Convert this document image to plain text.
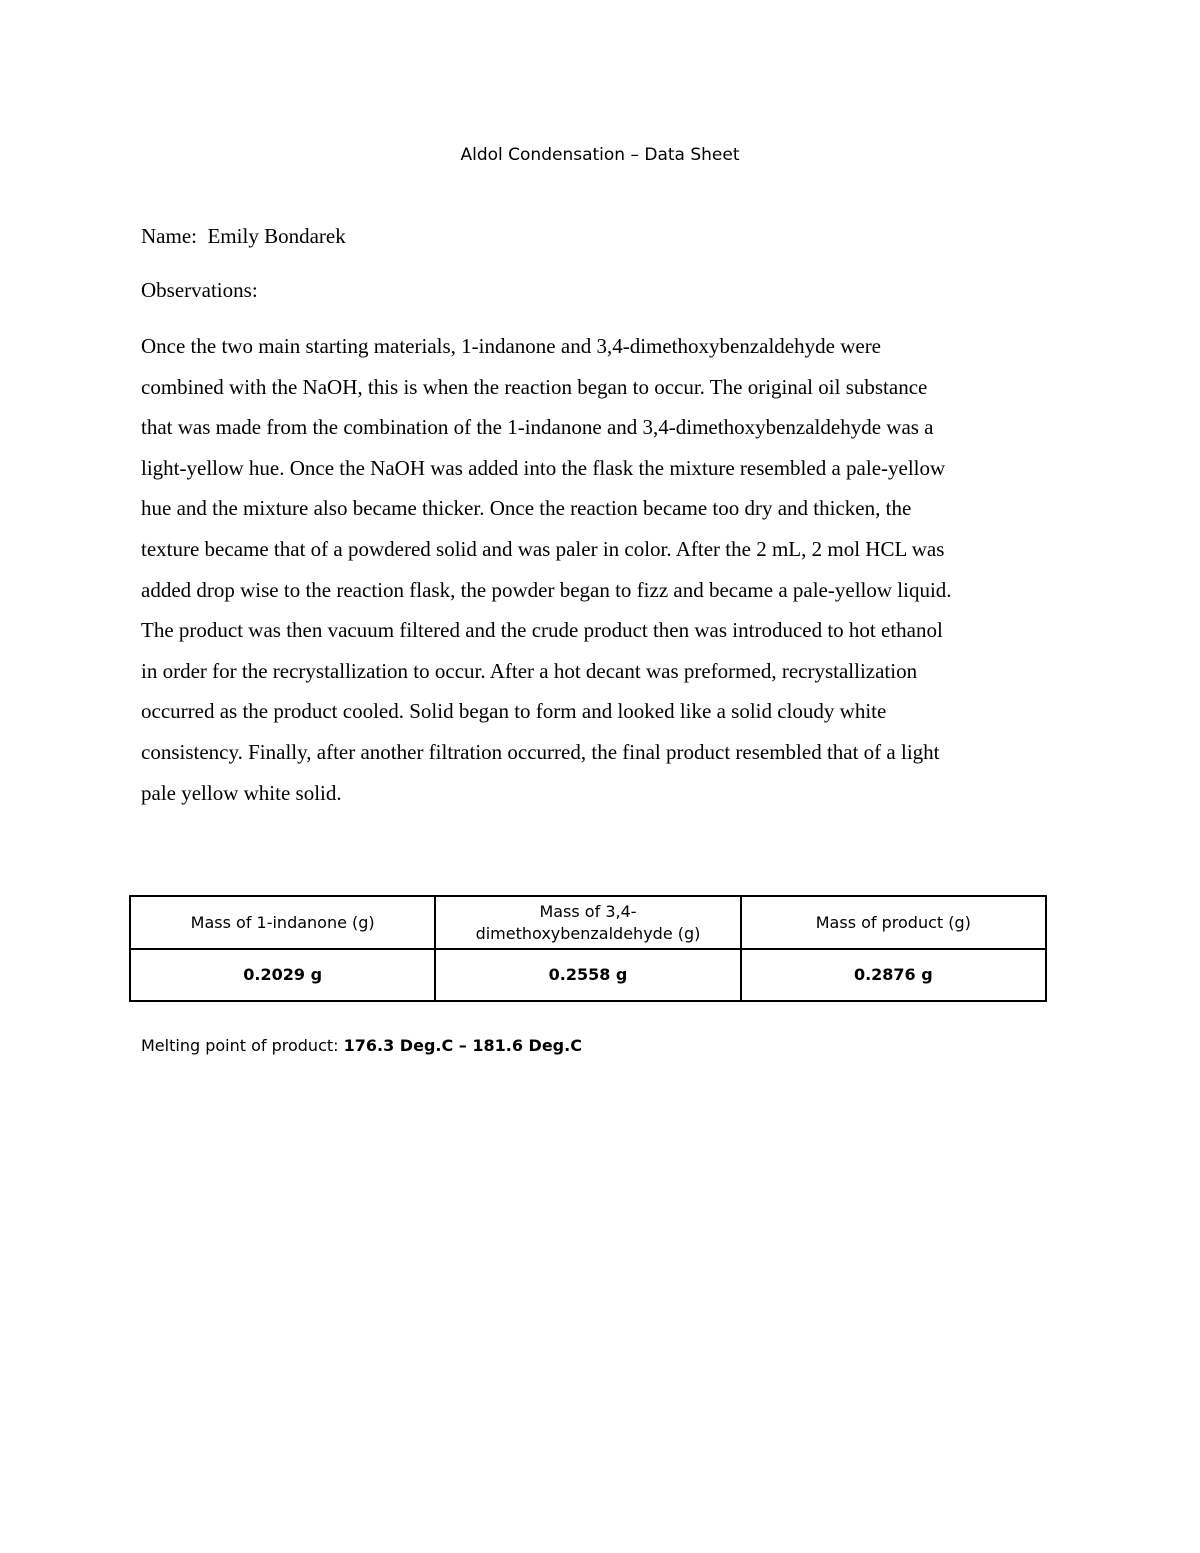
Aldol Condensation – Data Sheet
Name: Emily Bondarek
Observations:
Once the two main starting materials, 1-indanone and 3,4-dimethoxybenzaldehyde were
combined with the NaOH, this is when the reaction began to occur. The original oil substance
that was made from the combination of the 1-indanone and 3,4-dimethoxybenzaldehyde was a
light-yellow hue. Once the NaOH was added into the flask the mixture resembled a pale-yellow
hue and the mixture also became thicker. Once the reaction became too dry and thicken, the
texture became that of a powdered solid and was paler in color. After the 2 mL, 2 mol HCL was
added drop wise to the reaction flask, the powder began to fizz and became a pale-yellow liquid.
The product was then vacuum filtered and the crude product then was introduced to hot ethanol
in order for the recrystallization to occur. After a hot decant was preformed, recrystallization
occurred as the product cooled. Solid began to form and looked like a solid cloudy white
consistency. Finally, after another filtration occurred, the final product resembled that of a light
pale yellow white solid.
Mass of 1-indanone (g)	Mass of 3,4-
dimethoxybenzaldehyde (g)	Mass of product (g)
0.2029 g	0.2558 g	0.2876 g
Melting point of product: 176.3 Deg.C – 181.6 Deg.C
